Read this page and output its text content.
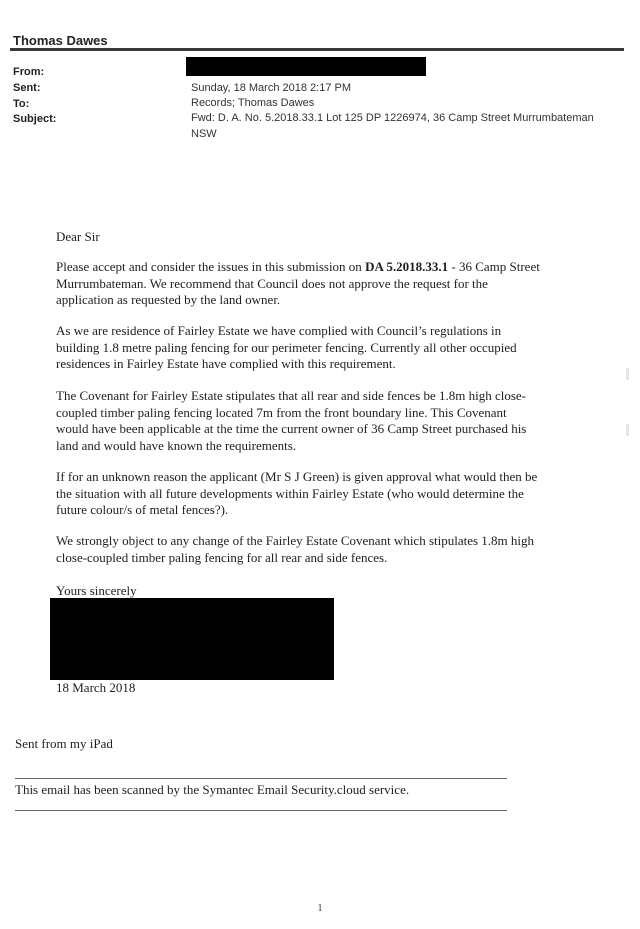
Thomas Dawes
From:
Sent:	Sunday, 18 March 2018 2:17 PM
To:	Records; Thomas Dawes
Subject:	Fwd: D. A. No. 5.2018.33.1 Lot 125 DP 1226974, 36 Camp Street Murrumbateman
NSW
Dear Sir
Please accept and consider the issues in this submission on DA 5.2018.33.1 - 36 Camp Street
Murrumbateman. We recommend that Council does not approve the request for the
application as requested by the land owner.
As we are residence of Fairley Estate we have complied with Council’s regulations in
building 1.8 metre paling fencing for our perimeter fencing. Currently all other occupied
residences in Fairley Estate have complied with this requirement.
The Covenant for Fairley Estate stipulates that all rear and side fences be 1.8m high close-
coupled timber paling fencing located 7m from the front boundary line. This Covenant
would have been applicable at the time the current owner of 36 Camp Street purchased his
land and would have known the requirements.
If for an unknown reason the applicant (Mr S J Green) is given approval what would then be
the situation with all future developments within Fairley Estate (who would determine the
future colour/s of metal fences?).
We strongly object to any change of the Fairley Estate Covenant which stipulates 1.8m high
close-coupled timber paling fencing for all rear and side fences.
Yours sincerely
18 March 2018
Sent from my iPad
This email has been scanned by the Symantec Email Security.cloud service.
1
